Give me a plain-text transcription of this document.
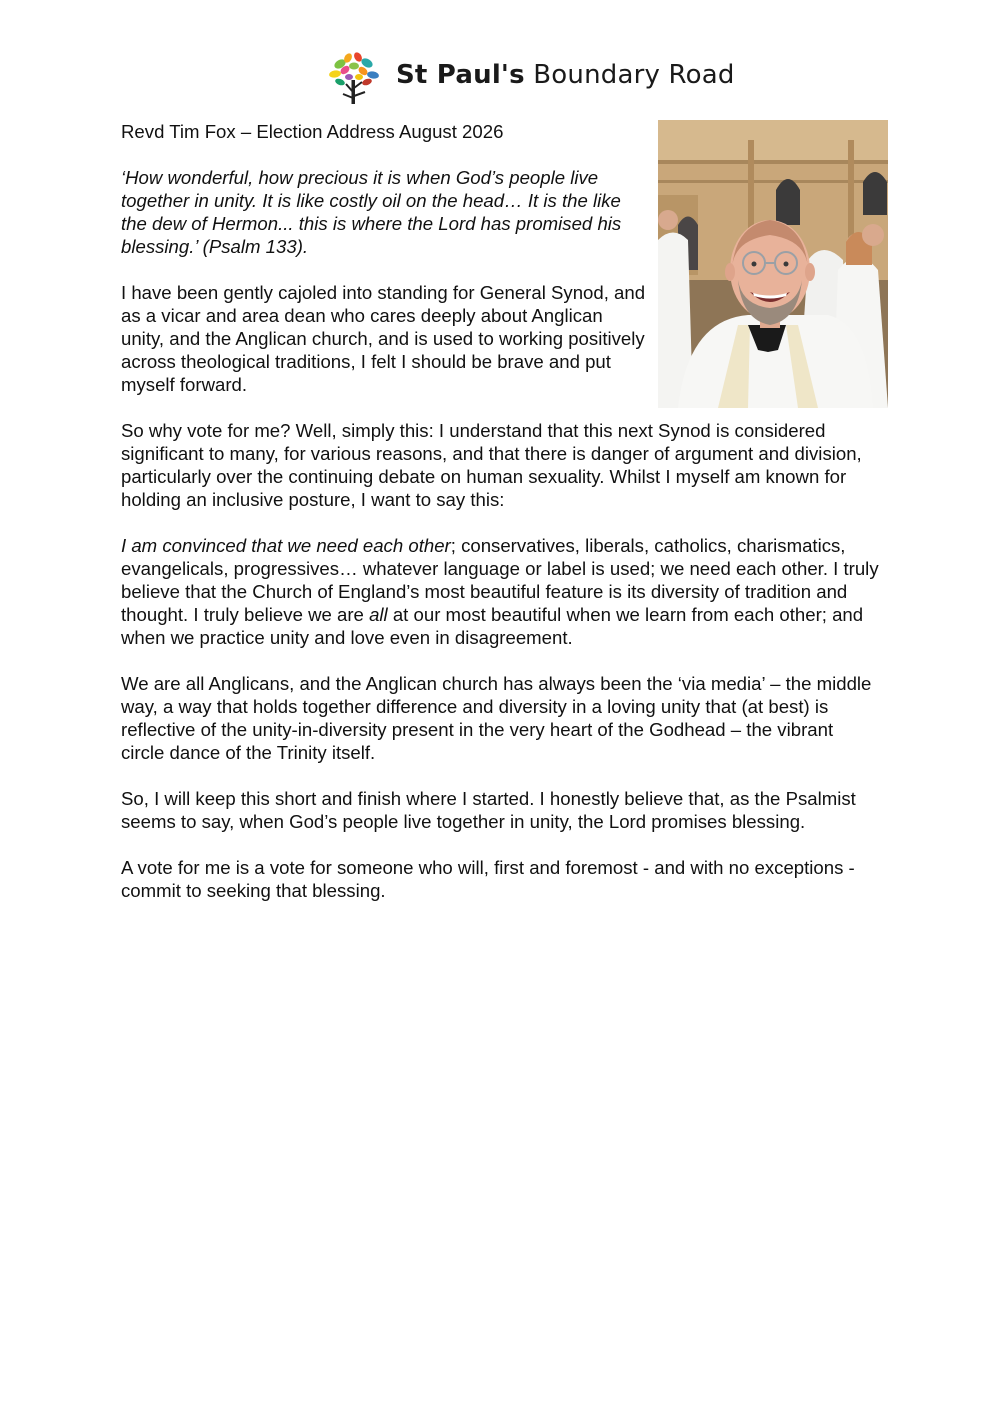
St Paul's Boundary Road

Revd Tim Fox – Election Address August 2026

‘How wonderful, how precious it is when God’s people live together in unity. It is like costly oil on the head… It is the like the dew of Hermon... this is where the Lord has promised his blessing.’ (Psalm 133).

I have been gently cajoled into standing for General Synod, and as a vicar and area dean who cares deeply about Anglican unity, and the Anglican church, and is used to working positively across theological traditions, I felt I should be brave and put myself forward.

So why vote for me? Well, simply this: I understand that this next Synod is considered significant to many, for various reasons, and that there is danger of argument and division, particularly over the continuing debate on human sexuality. Whilst I myself am known for holding an inclusive posture, I want to say this:

I am convinced that we need each other; conservatives, liberals, catholics, charismatics, evangelicals, progressives… whatever language or label is used; we need each other. I truly believe that the Church of England’s most beautiful feature is its diversity of tradition and thought. I truly believe we are all at our most beautiful when we learn from each other; and when we practice unity and love even in disagreement.

We are all Anglicans, and the Anglican church has always been the ‘via media’ – the middle way, a way that holds together difference and diversity in a loving unity that (at best) is reflective of the unity-in-diversity present in the very heart of the Godhead – the vibrant circle dance of the Trinity itself.

So, I will keep this short and finish where I started. I honestly believe that, as the Psalmist seems to say, when God’s people live together in unity, the Lord promises blessing.

A vote for me is a vote for someone who will, first and foremost - and with no exceptions - commit to seeking that blessing.
